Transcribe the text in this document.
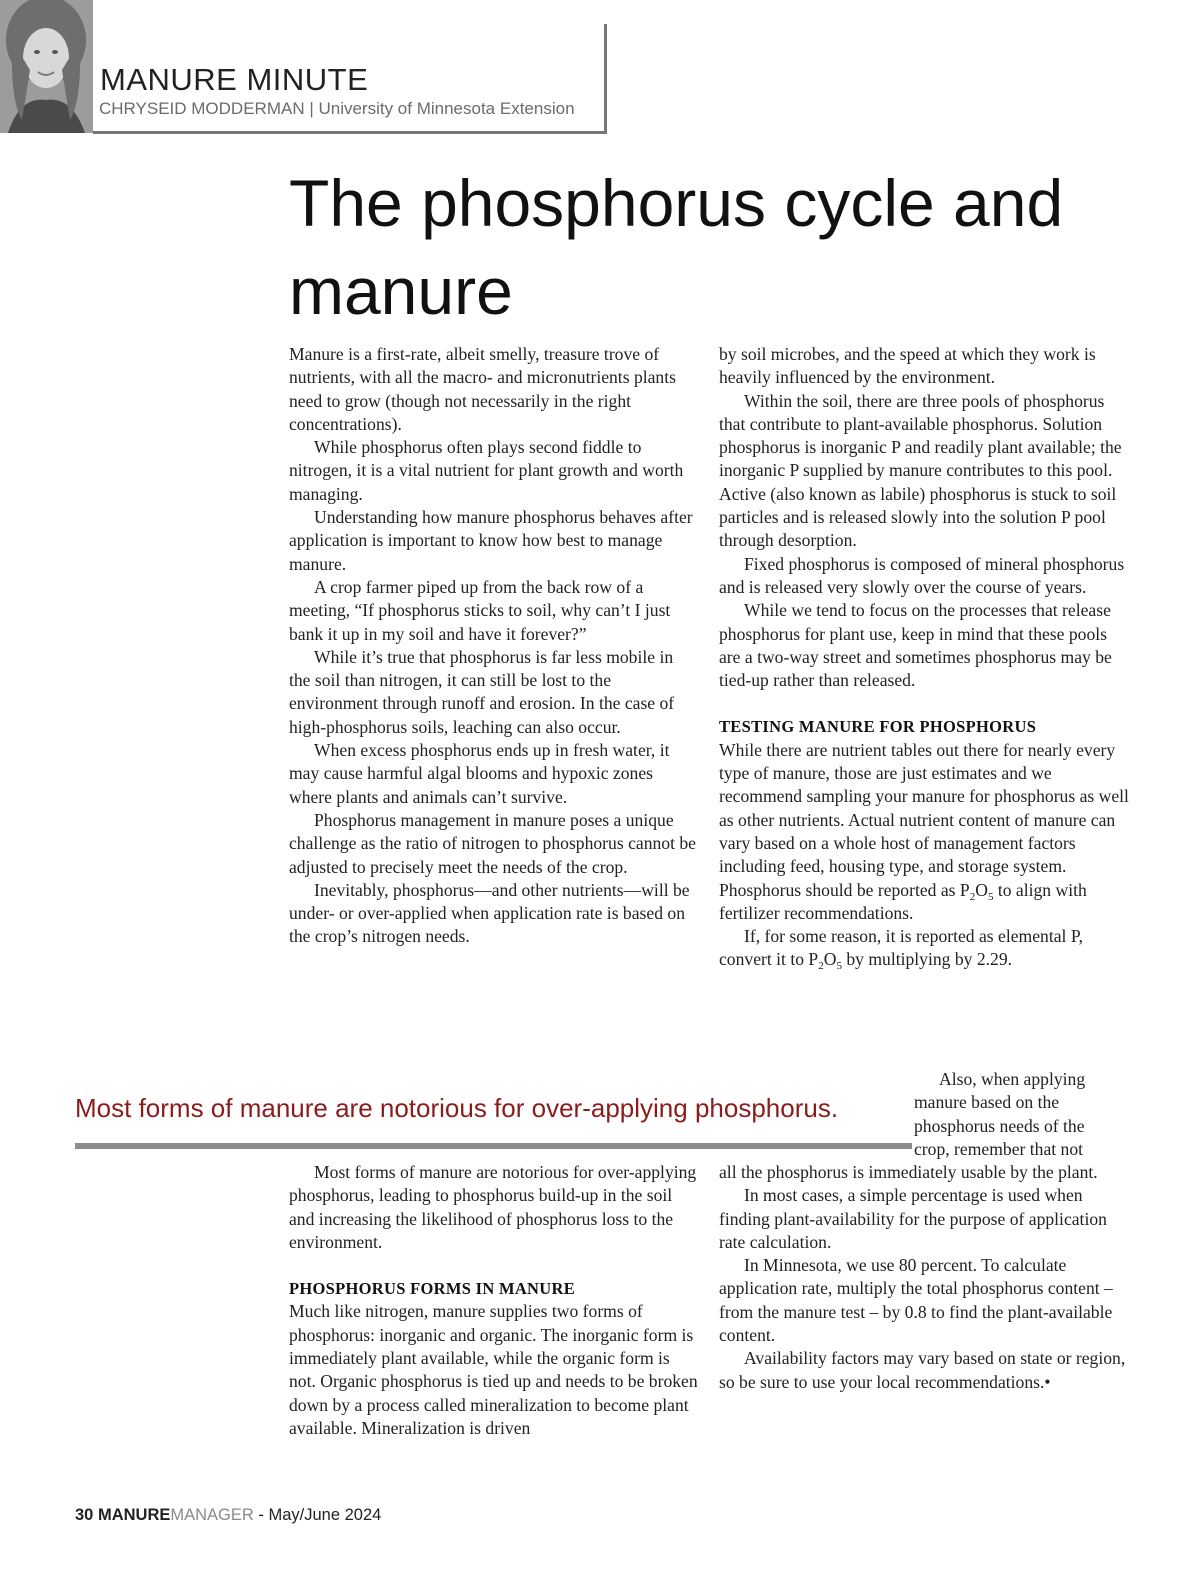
MANURE MINUTE
CHRYSEID MODDERMAN | University of Minnesota Extension
The phosphorus cycle and manure

Manure is a first-rate, albeit smelly, treasure trove of nutrients, with all the macro- and micronutrients plants need to grow (though not necessarily in the right concentrations).

While phosphorus often plays second fiddle to nitrogen, it is a vital nutrient for plant growth and worth managing.

Understanding how manure phosphorus behaves after application is important to know how best to manage manure.

A crop farmer piped up from the back row of a meeting, “If phosphorus sticks to soil, why can’t I just bank it up in my soil and have it forever?”

While it’s true that phosphorus is far less mobile in the soil than nitrogen, it can still be lost to the environment through runoff and erosion. In the case of high-phosphorus soils, leaching can also occur.

When excess phosphorus ends up in fresh water, it may cause harmful algal blooms and hypoxic zones where plants and animals can’t survive.

Phosphorus management in manure poses a unique challenge as the ratio of nitrogen to phosphorus cannot be adjusted to precisely meet the needs of the crop.

Inevitably, phosphorus—and other nutrients—will be under- or over-applied when application rate is based on the crop’s nitrogen needs.

by soil microbes, and the speed at which they work is heavily influenced by the environment.

Within the soil, there are three pools of phosphorus that contribute to plant-available phosphorus. Solution phosphorus is inorganic P and readily plant available; the inorganic P supplied by manure contributes to this pool. Active (also known as labile) phosphorus is stuck to soil particles and is released slowly into the solution P pool through desorption.

Fixed phosphorus is composed of mineral phosphorus and is released very slowly over the course of years.

While we tend to focus on the processes that release phosphorus for plant use, keep in mind that these pools are a two-way street and sometimes phosphorus may be tied-up rather than released.

TESTING MANURE FOR PHOSPHORUS

While there are nutrient tables out there for nearly every type of manure, those are just estimates and we recommend sampling your manure for phosphorus as well as other nutrients. Actual nutrient content of manure can vary based on a whole host of management factors including feed, housing type, and storage system. Phosphorus should be reported as $P_2O_5$ to align with fertilizer recommendations.

If, for some reason, it is reported as elemental P, convert it to $P_2O_5$ by multiplying by 2.29.

Also, when applying
manure based on the
phosphorus needs of the
crop, remember that not
Most forms of manure are notorious for over-applying phosphorus.

Most forms of manure are notorious for over-applying phosphorus, leading to phosphorus build-up in the soil and increasing the likelihood of phosphorus loss to the environment.

PHOSPHORUS FORMS IN MANURE

Much like nitrogen, manure supplies two forms of phosphorus: inorganic and organic. The inorganic form is immediately plant available, while the organic form is not. Organic phosphorus is tied up and needs to be broken down by a process called mineralization to become plant available. Mineralization is driven

all the phosphorus is immediately usable by the plant.

In most cases, a simple percentage is used when finding plant-availability for the purpose of application rate calculation.

In Minnesota, we use 80 percent. To calculate application rate, multiply the total phosphorus content – from the manure test – by 0.8 to find the plant-available content.

Availability factors may vary based on state or region, so be sure to use your local recommendations.•

30 MANUREMANAGER - May/June 2024
